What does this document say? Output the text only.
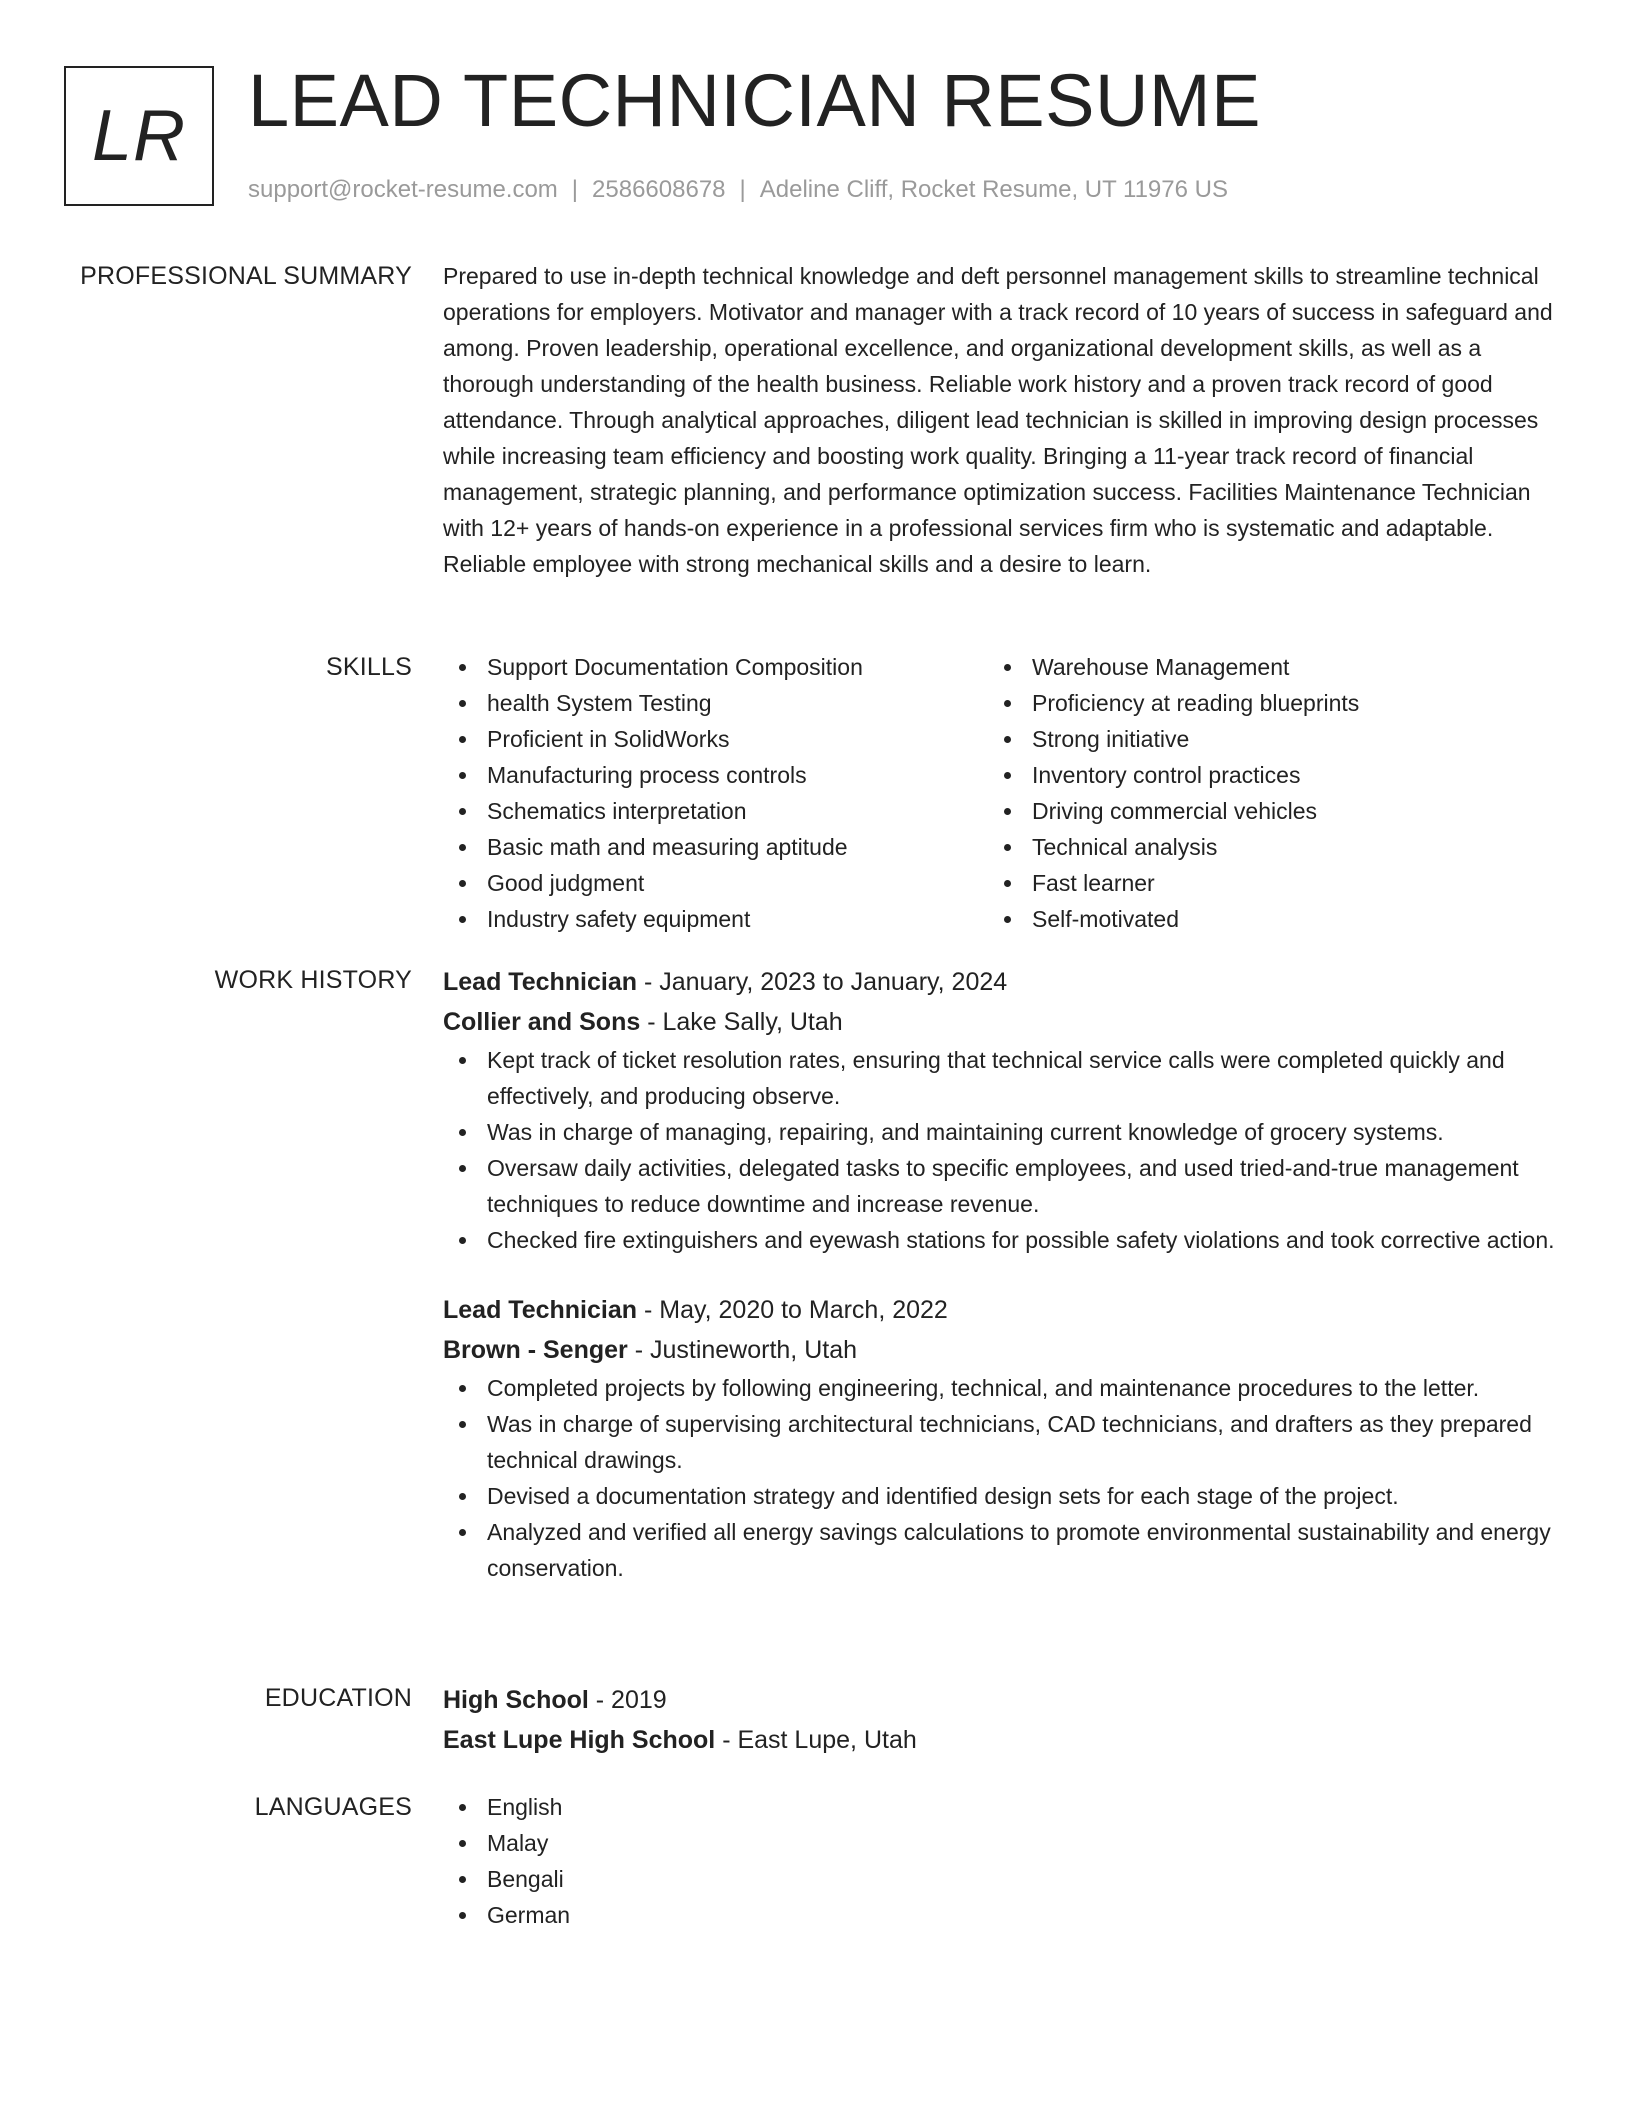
LR LEAD TECHNICIAN RESUME
support@rocket-resume.com | 2586608678 | Adeline Cliff, Rocket Resume, UT 11976 US
PROFESSIONAL SUMMARY Prepared to use in-depth technical knowledge and deft personnel management skills to streamline technical operations for employers. Motivator and manager with a track record of 10 years of success in safeguard and among. Proven leadership, operational excellence, and organizational development skills, as well as a thorough understanding of the health business. Reliable work history and a proven track record of good attendance. Through analytical approaches, diligent lead technician is skilled in improving design processes while increasing team efficiency and boosting work quality. Bringing a 11-year track record of financial management, strategic planning, and performance optimization success. Facilities Maintenance Technician with 12+ years of hands-on experience in a professional services firm who is systematic and adaptable. Reliable employee with strong mechanical skills and a desire to learn.

SKILLS	Support Documentation Composition
health System Testing
Proficient in SolidWorks
Manufacturing process controls
Schematics interpretation
Basic math and measuring aptitude
Good judgment
Industry safety equipment
Warehouse Management
Proficiency at reading blueprints
Strong initiative
Inventory control practices
Driving commercial vehicles
Technical analysis
Fast learner
Self-motivated
WORK HISTORY Lead Technician - January, 2023 to January, 2024
Collier and Sons - Lake Sally, Utah
Kept track of ticket resolution rates, ensuring that technical service calls were completed quickly and effectively, and producing observe.
Was in charge of managing, repairing, and maintaining current knowledge of grocery systems.
Oversaw daily activities, delegated tasks to specific employees, and used tried-and-true management techniques to reduce downtime and increase revenue.
Checked fire extinguishers and eyewash stations for possible safety violations and took corrective action.
Lead Technician - May, 2020 to March, 2022
Brown - Senger - Justineworth, Utah
Completed projects by following engineering, technical, and maintenance procedures to the letter.
Was in charge of supervising architectural technicians, CAD technicians, and drafters as they prepared technical drawings.
Devised a documentation strategy and identified design sets for each stage of the project.
Analyzed and verified all energy savings calculations to promote environmental sustainability and energy conservation.
EDUCATION High School - 2019
East Lupe High School - East Lupe, Utah
LANGUAGES	English
Malay
Bengali
German
